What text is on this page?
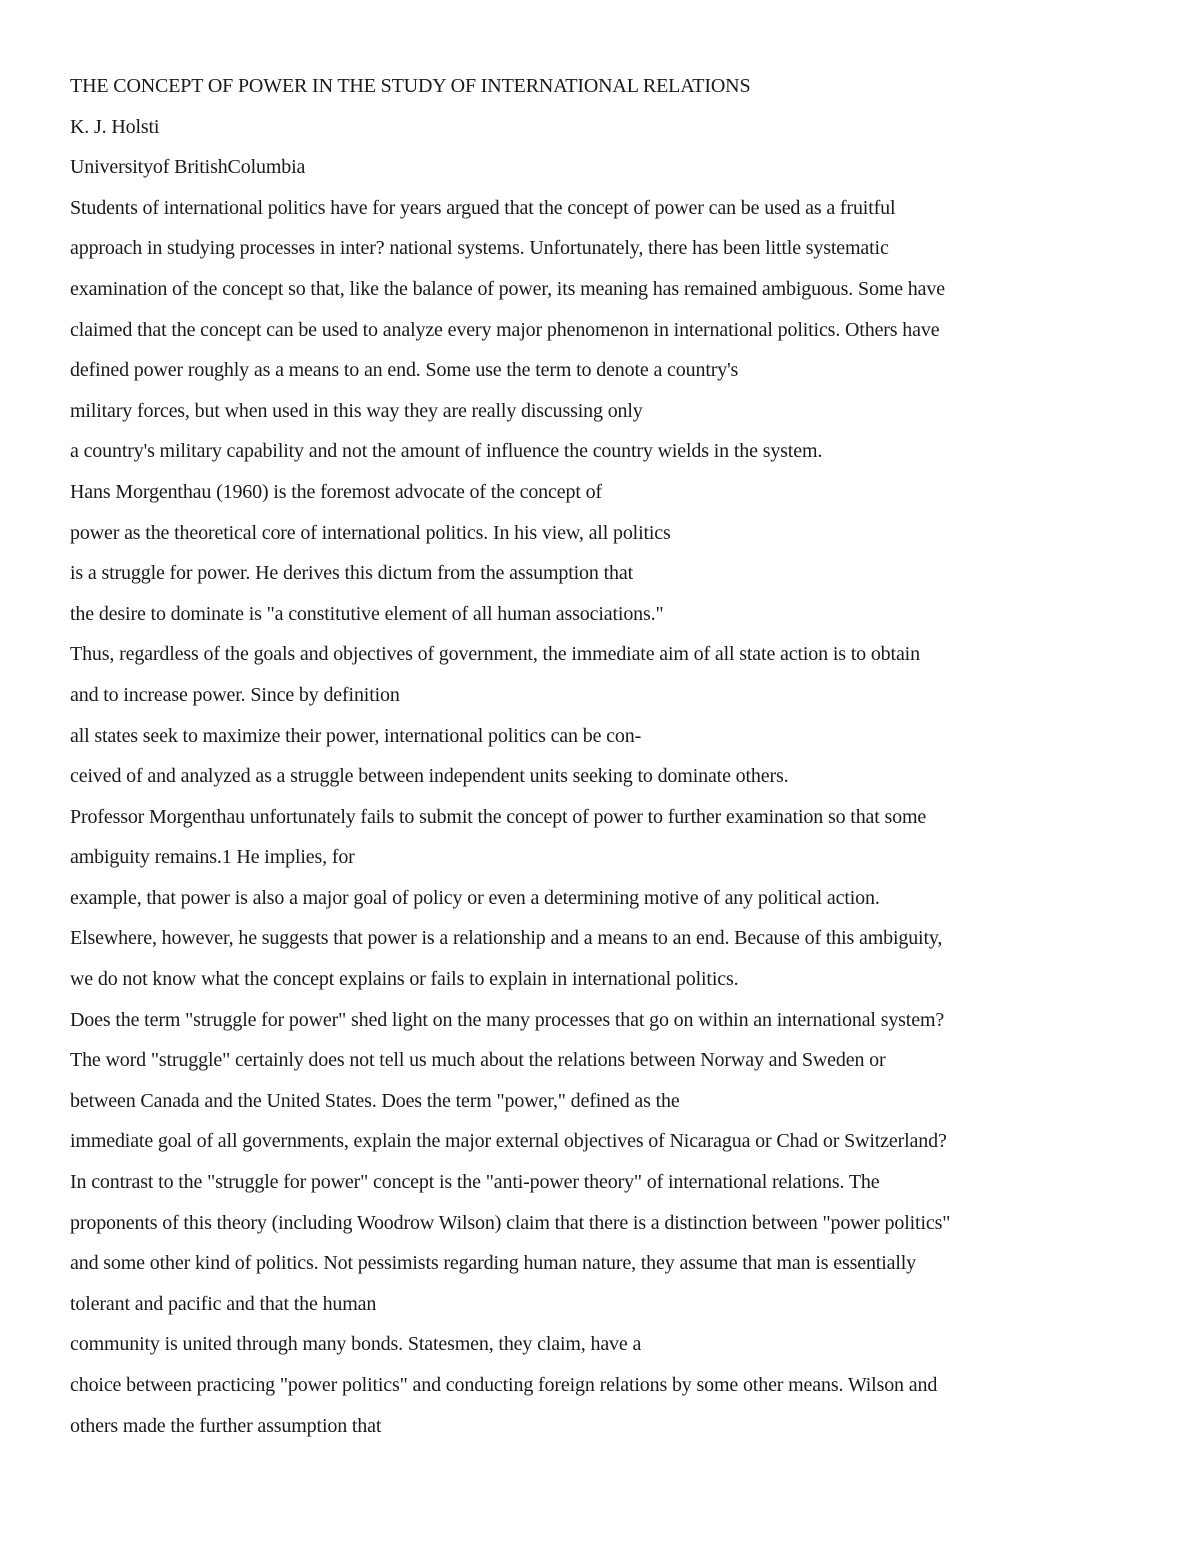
THE CONCEPT OF POWER IN THE STUDY OF INTERNATIONAL RELATIONS
K. J. Holsti
Universityof BritishColumbia
Students of international politics have for years argued that the concept of power can be used as a fruitful
approach in studying processes in inter? national systems. Unfortunately, there has been little systematic
examination of the concept so that, like the balance of power, its meaning has remained ambiguous. Some have
claimed that the concept can be used to analyze every major phenomenon in international politics. Others have
defined power roughly as a means to an end. Some use the term to denote a country's
military forces, but when used in this way they are really discussing only
a country's military capability and not the amount of influence the country wields in the system.
Hans Morgenthau (1960) is the foremost advocate of the concept of
power as the theoretical core of international politics. In his view, all politics
is a struggle for power. He derives this dictum from the assumption that
the desire to dominate is "a constitutive element of all human associations."
Thus, regardless of the goals and objectives of government, the immediate aim of all state action is to obtain
and to increase power. Since by definition
all states seek to maximize their power, international politics can be con-
ceived of and analyzed as a struggle between independent units seeking to dominate others.
Professor Morgenthau unfortunately fails to submit the concept of power to further examination so that some
ambiguity remains.1 He implies, for
example, that power is also a major goal of policy or even a determining motive of any political action.
Elsewhere, however, he suggests that power is a relationship and a means to an end. Because of this ambiguity,
we do not know what the concept explains or fails to explain in international politics.
Does the term "struggle for power" shed light on the many processes that go on within an international system?
The word "struggle" certainly does not tell us much about the relations between Norway and Sweden or
between Canada and the United States. Does the term "power," defined as the
immediate goal of all governments, explain the major external objectives of Nicaragua or Chad or Switzerland?
In contrast to the "struggle for power" concept is the "anti-power theory" of international relations. The
proponents of this theory (including Woodrow Wilson) claim that there is a distinction between "power politics"
and some other kind of politics. Not pessimists regarding human nature, they assume that man is essentially
tolerant and pacific and that the human
community is united through many bonds. Statesmen, they claim, have a
choice between practicing "power politics" and conducting foreign relations by some other means. Wilson and
others made the further assumption that
